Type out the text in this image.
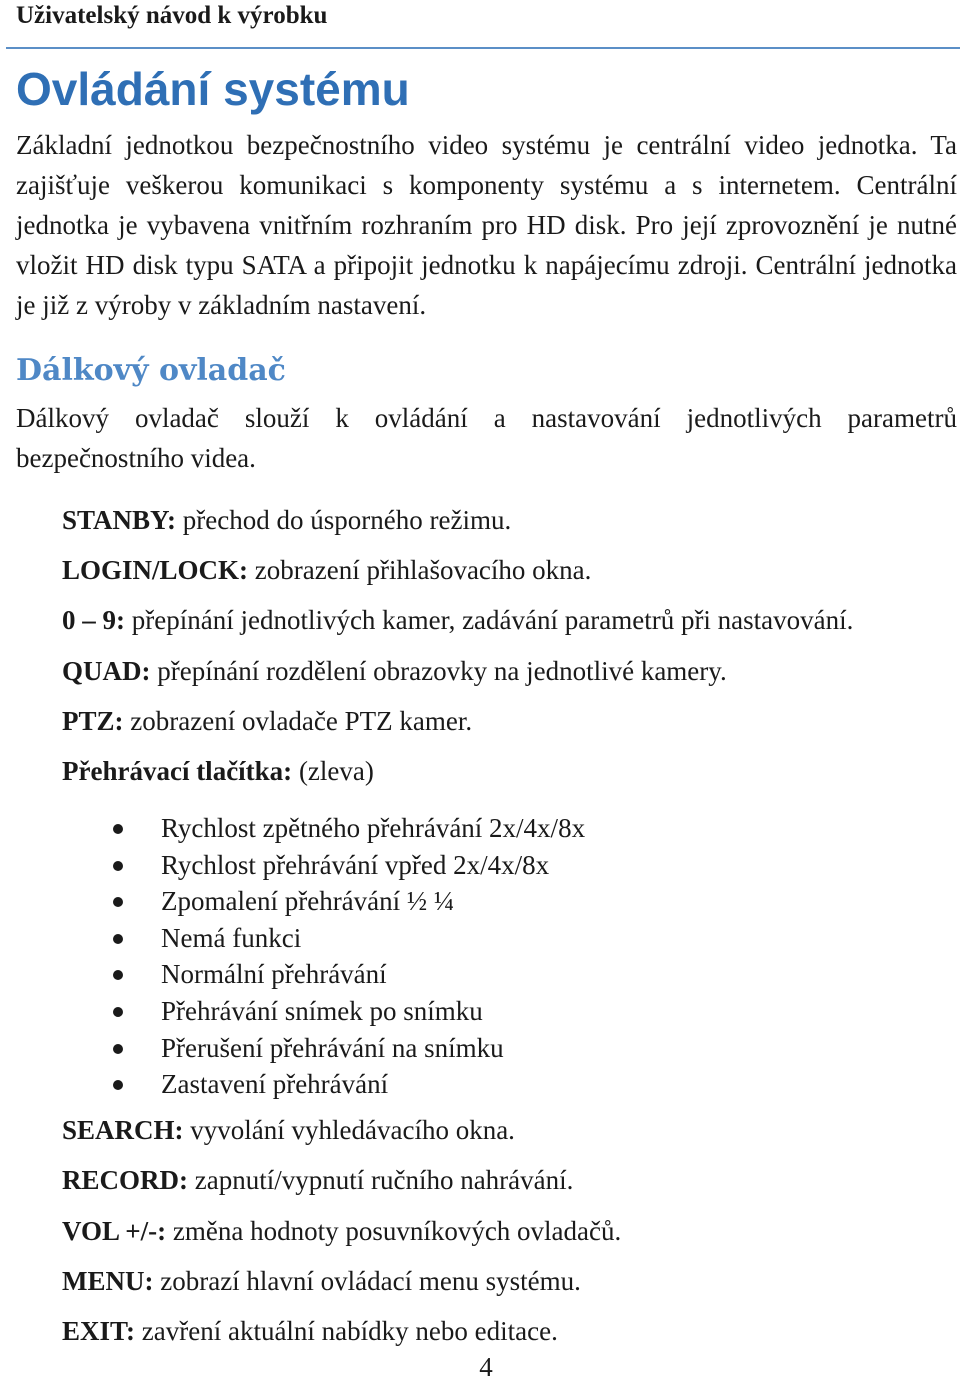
Uživatelský návod k výrobku
Ovládání systému
Základní jednotkou bezpečnostního video systému je centrální video jednotka. Ta zajišťuje veškerou komunikaci s komponenty systému a s internetem. Centrální jednotka je vybavena vnitřním rozhraním pro HD disk. Pro její zprovoznění je nutné vložit HD disk typu SATA a připojit jednotku k napájecímu zdroji. Centrální jednotka je již z výroby v základním nastavení.
Dálkový ovladač
Dálkový ovladač slouží k ovládání a nastavování jednotlivých parametrů bezpečnostního videa.
STANBY: přechod do úsporného režimu.
LOGIN/LOCK: zobrazení přihlašovacího okna.
0 – 9: přepínání jednotlivých kamer, zadávání parametrů při nastavování.
QUAD: přepínání rozdělení obrazovky na jednotlivé kamery.
PTZ: zobrazení ovladače PTZ kamer.
Přehrávací tlačítka: (zleva)
Rychlost zpětného přehrávání 2x/4x/8x
Rychlost přehrávání vpřed 2x/4x/8x
Zpomalení přehrávání ½ ¼
Nemá funkci
Normální přehrávání
Přehrávání snímek po snímku
Přerušení přehrávání na snímku
Zastavení přehrávání
SEARCH: vyvolání vyhledávacího okna.
RECORD: zapnutí/vypnutí ručního nahrávání.
VOL +/-: změna hodnoty posuvníkových ovladačů.
MENU: zobrazí hlavní ovládací menu systému.
EXIT: zavření aktuální nabídky nebo editace.
4
